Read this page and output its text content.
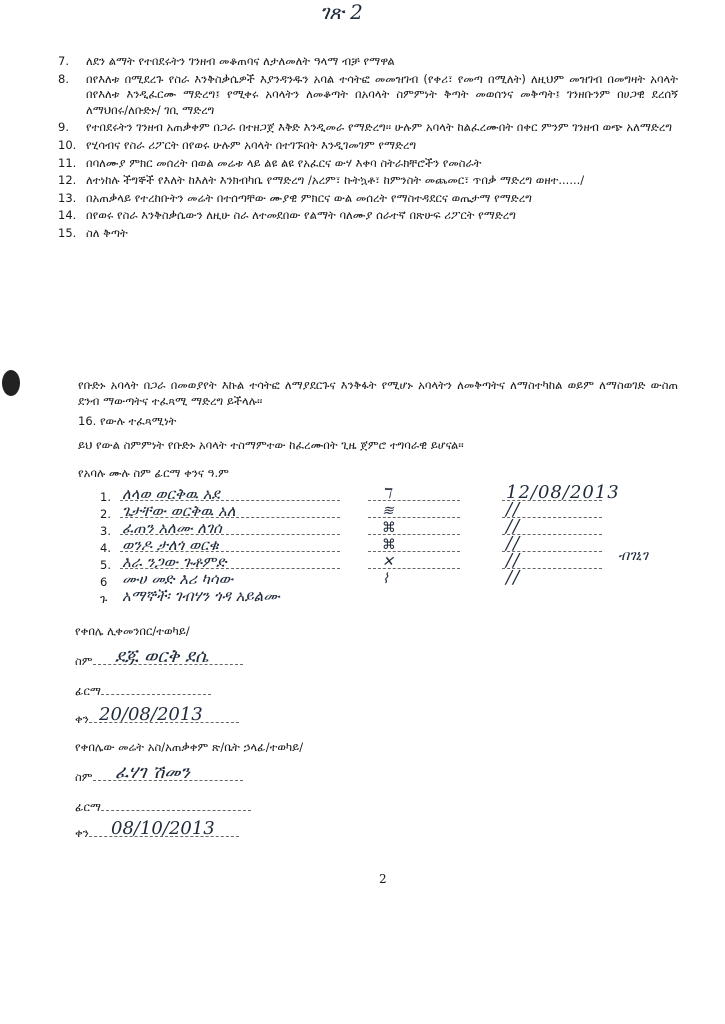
ገጽ 2
7.	ለደን ልማት የተበደሩትን ገንዘብ መቆጠባና ለታለመለት ዓላማ ብቻ የማዋል
8.	በየእለቱ በሚደረጉ የስራ እንቅስቃሴዎች እያንዳንዱን አባል ተሳትፎ መመዝገብ (የቀሪ፣ የመጣ በሚለት) ለዚህም መዝገብ በመግዛት አባላት በየእለቱ እንዲፈርሙ ማድረግ፤ የሚቀሩ አባላትን ለመቆጣት በአባላት ስምምነት ቅጣት መወሰንና መቅጣት፤ ገንዘቡንም በሀጋዊ ደረሰኝ ለማህበሩ/ለቡድኑ/ ገቢ ማድረግ
9.	የተበደሩትን ገንዘብ አጠቃቀም በጋራ በተዘጋጀ እቅድ እንዲመራ የማድረግ፡፡ ሁሉም አባላት ከልፈረሙበት በቀር ምንም ገንዘብ ወጭ አለማድረግ
10. የሂሳብና የስራ ሪፖርት በየወሩ ሁሉም አባላት በተገኙበት እንዲገመገም የማድረግ
11. በባለሙያ ምክር መሰረት በወል መሬቱ ላይ ልዩ ልዩ የአፈርና ውሃ እቀባ ስትራክቸሮችን የመስራት
12. ለተነከሉ ችግኞች የእለት ከእለት እንክብካቤ የማድረግ /አረም፣ ኩትኳቶ፣ ከምንስት መጨመር፣ ጥበቃ ማድረግ ወዘተ....../
13. በአጠቃላይ የተረከቡትን መሬት በተሰጣቸው ሙያዊ ምክርና ውል መሰረት የማስተዳደርና ወጤታማ የማድረግ
14. በየወሩ የስራ እንቅስቃሴውን ለዚሁ ስራ ለተመደበው የልማት ባለሙያ ሰራተኛ በጽሁፍ ሪፖርት የማድረግ
15. ስለ ቅጣት
የቡድኑ አባላት በጋራ በመወያየት እኩል ተሳትፎ ለማያደርጉና እንቅፋት የሚሆኑ አባላትን ለመቅጣትና ለማስተካከል ወይም ለማስወገድ ውስጠ ደንብ ማውጣትና ተፈጻሚ ማድረግ ይችላሉ፡፡
16. የውሉ ተፈጻሚነት
ይህ የውል ስምምነት የቡድኑ አባላት ተስማምተው ከፈረሙበት ጊዜ ጀምሮ ተግባራዊ ይሆናል፡፡
የአባሉ ሙሉ ስም ፊርማ ቀንና ዓ.ም
1. ለላወ ወርቅዉ አደ	ℸ	12/08/2013
2. ጌታቸው ወርቅዉ አለ	≋	//
3. ፈጠን አለሙ ለገሰ	⌘	//
4. ወንዶ ታለጎ ወርቁ	⌘	//
5. እራ ንጋው ጉቶምድ	✕	//
6 ሙሀ መድ እሪ ካሳው	⌇	//
ጉ አማኞች፡ ገብሃን ጎዳ አይልሙ
ብገኒገ
የቀበሌ ሊቀመንበር/ተወካይ/
ስም ደጁ ወርቅ ደሴ
ፊርማ
ቀን 20/08/2013
የቀበሌው መሬት አስ/አጠቃቀም ጽ/ቤት ኃላፊ/ተወካይ/
ስም ፈሃገ ሽመን
ፊርማ
ቀን 08/10/2013
2
